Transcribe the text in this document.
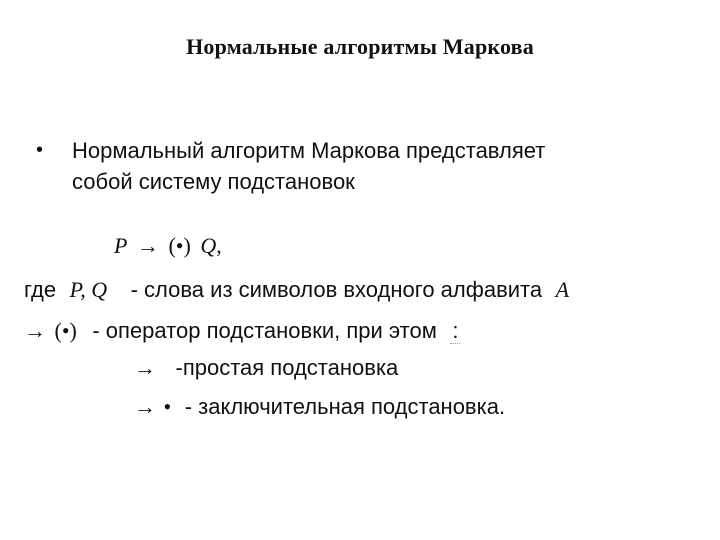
Нормальные алгоритмы Маркова
• Нормальный алгоритм Маркова представляет
собой систему подстановок
P → (•) Q,
где P, Q - слова из символов входного алфавита A
→ (•) - оператор подстановки, при этом :
→ -простая подстановка
→ • - заключительная подстановка.
